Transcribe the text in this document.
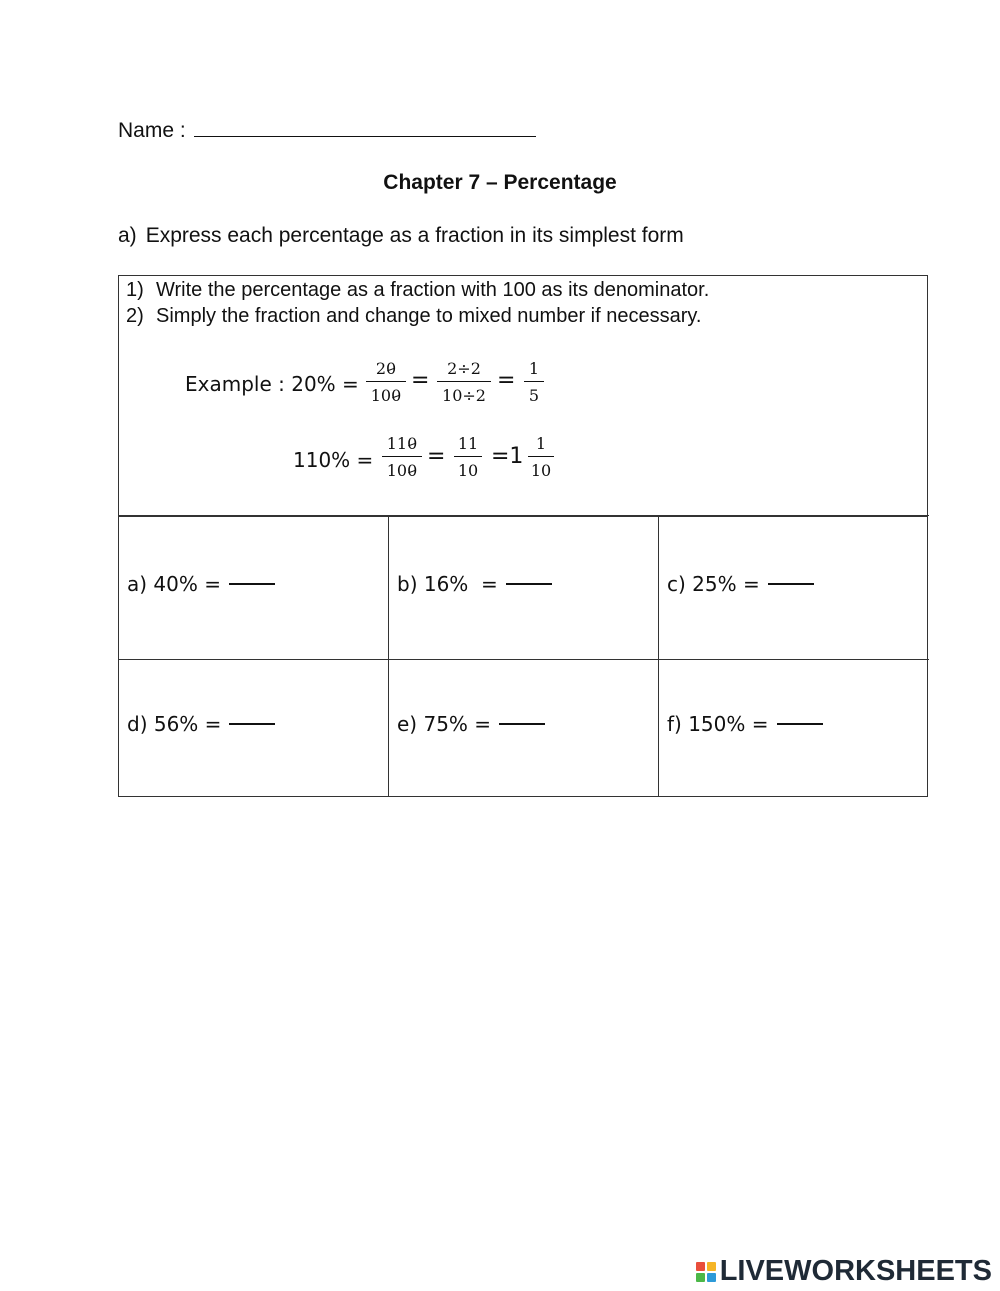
Name :
Chapter 7 – Percentage
a) Express each percentage as a fraction in its simplest form
1) Write the percentage as a fraction with 100 as its denominator.
2) Simply the fraction and change to mixed number if necessary.
Example : $20\% = \frac{20}{100} = \frac{2\div 2}{10\div 2} = \frac{1}{5}$
$110\% = \frac{110}{100} = \frac{11}{10} =1 \frac{1}{10}$
a) 40% =	b) 16%  =	c) 25% =
d) 56% =	e) 75% =	f) 150% =
LIVEWORKSHEETS
